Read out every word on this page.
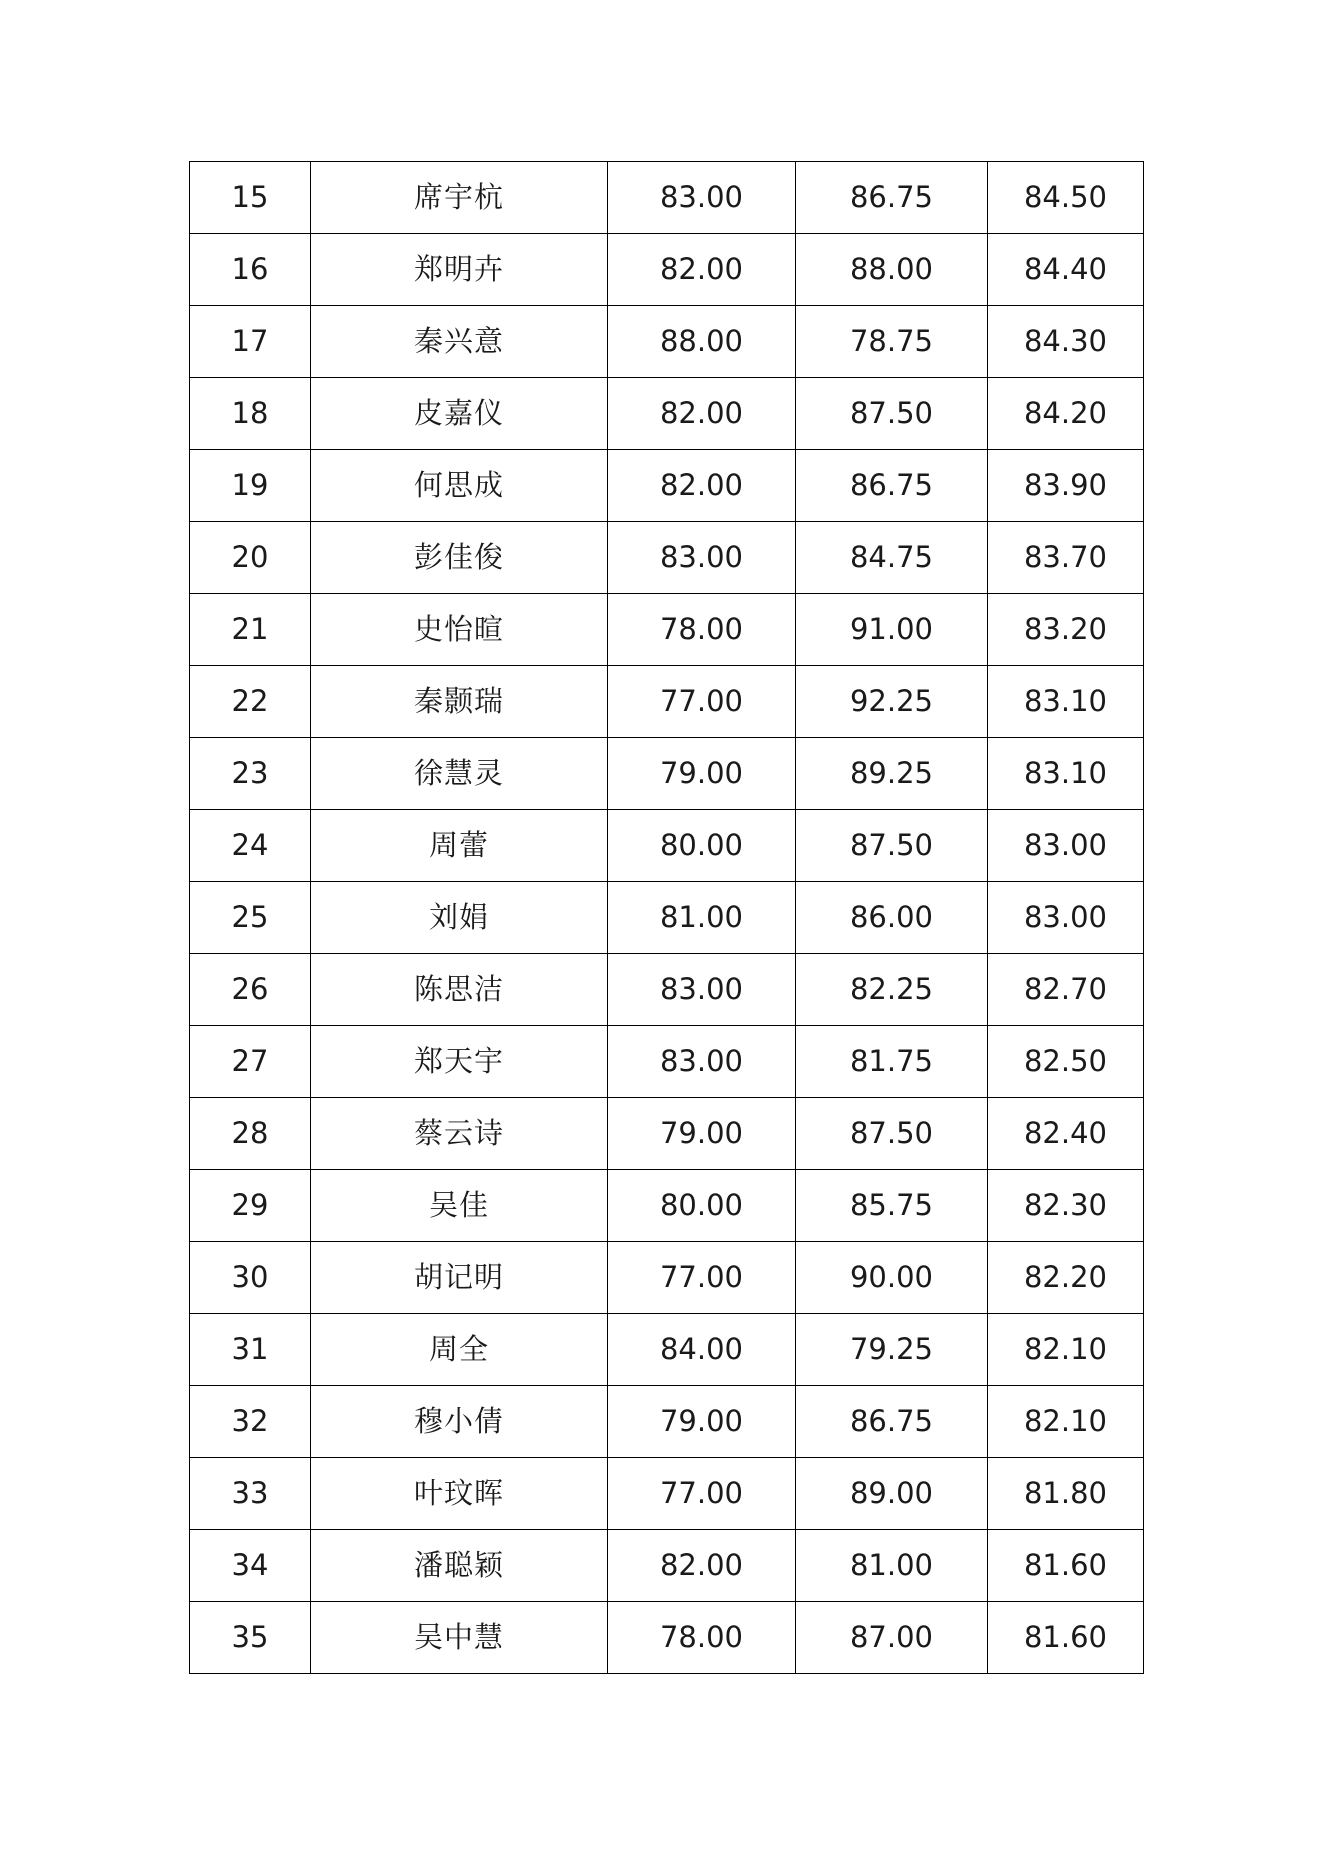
15	席宇杭	83.00	86.75	84.50
16	郑明卉	82.00	88.00	84.40
17	秦兴意	88.00	78.75	84.30
18	皮嘉仪	82.00	87.50	84.20
19	何思成	82.00	86.75	83.90
20	彭佳俊	83.00	84.75	83.70
21	史怡暄	78.00	91.00	83.20
22	秦颢瑞	77.00	92.25	83.10
23	徐慧灵	79.00	89.25	83.10
24	周蕾	80.00	87.50	83.00
25	刘娟	81.00	86.00	83.00
26	陈思洁	83.00	82.25	82.70
27	郑天宇	83.00	81.75	82.50
28	蔡云诗	79.00	87.50	82.40
29	吴佳	80.00	85.75	82.30
30	胡记明	77.00	90.00	82.20
31	周全	84.00	79.25	82.10
32	穆小倩	79.00	86.75	82.10
33	叶玟晖	77.00	89.00	81.80
34	潘聪颖	82.00	81.00	81.60
35	吴中慧	78.00	87.00	81.60
